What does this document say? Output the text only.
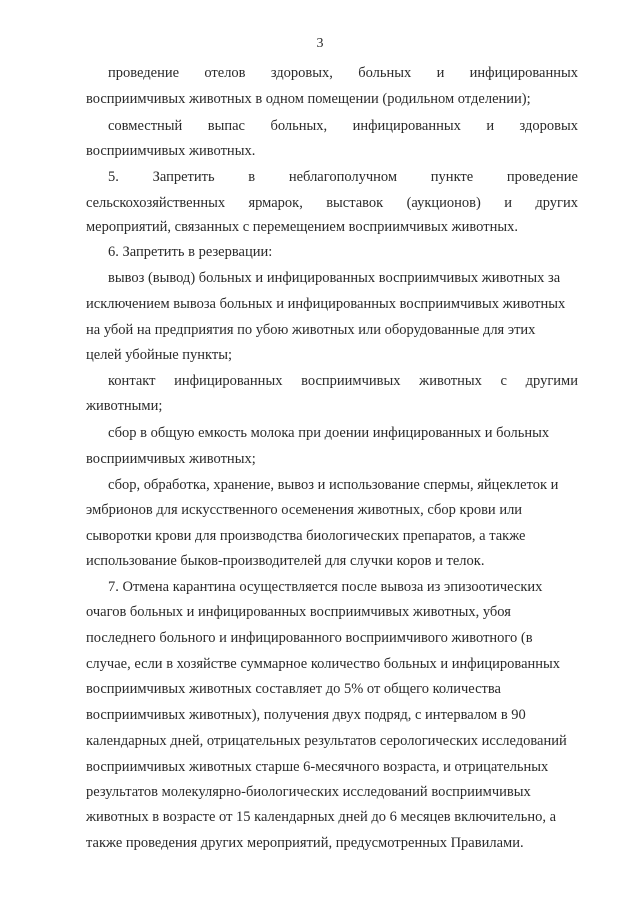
3
проведение отелов здоровых, больных и инфицированных
восприимчивых животных в одном помещении (родильном отделении);
совместный выпас больных, инфицированных и здоровых
восприимчивых животных.
5. Запретить в неблагополучном пункте проведение
сельскохозяйственных ярмарок, выставок (аукционов) и других
мероприятий, связанных с перемещением восприимчивых животных.
6. Запретить в резервации:
вывоз (вывод) больных и инфицированных восприимчивых животных за
исключением вывоза больных и инфицированных восприимчивых животных
на убой на предприятия по убою животных или оборудованные для этих
целей убойные пункты;
контакт инфицированных восприимчивых животных с другими
животными;
сбор в общую емкость молока при доении инфицированных и больных
восприимчивых животных;
сбор, обработка, хранение, вывоз и использование спермы, яйцеклеток и
эмбрионов для искусственного осеменения животных, сбор крови или
сыворотки крови для производства биологических препаратов, а также
использование быков-производителей для случки коров и телок.
7. Отмена карантина осуществляется после вывоза из эпизоотических
очагов больных и инфицированных восприимчивых животных, убоя
последнего больного и инфицированного восприимчивого животного (в
случае, если в хозяйстве суммарное количество больных и инфицированных
восприимчивых животных составляет до 5% от общего количества
восприимчивых животных), получения двух подряд, с интервалом в 90
календарных дней, отрицательных результатов серологических исследований
восприимчивых животных старше 6-месячного возраста, и отрицательных
результатов молекулярно-биологических исследований восприимчивых
животных в возрасте от 15 календарных дней до 6 месяцев включительно, а
также проведения других мероприятий, предусмотренных Правилами.
